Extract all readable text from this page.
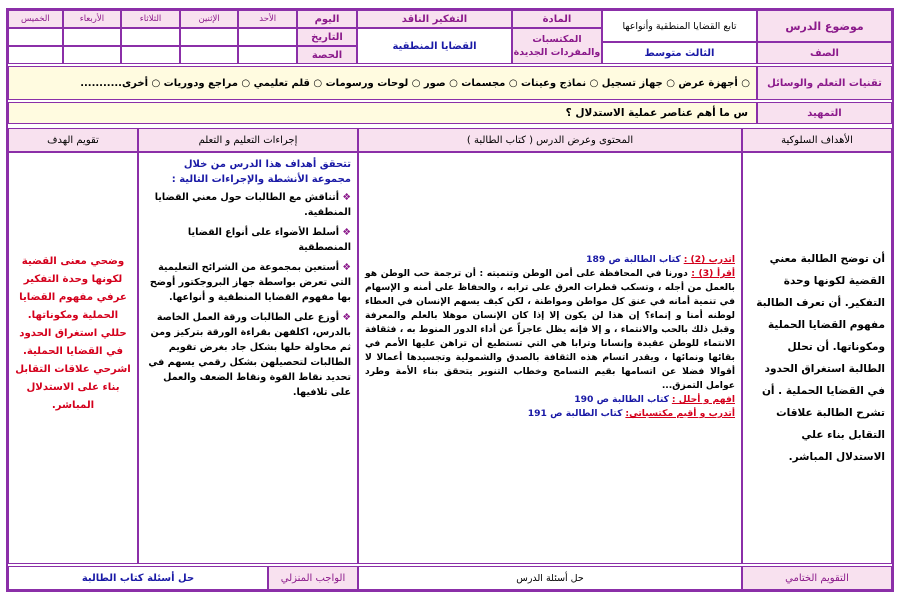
موضوع الدرس
الصف
تابع القضايا المنطقية وأنواعها
الثالث متوسط
المادة
المكتسبات والمفردات الجديدة
التفكير الناقد
القضايا المنطقية
اليوم
التاريخ
الحصة
الأحد
الإثنين
الثلاثاء
الأربعاء
الخميس
تقنيات التعلم والوسائل
○ أجهزة عرض ○ جهاز تسجيل ○ نماذج وعينات ○ مجسمات ○ صور ○ لوحات ورسومات ○ قلم تعليمي ○ مراجع ودوريات ○ أخرى...........
التمهيد
س ما أهم عناصر عملية الاستدلال ؟
الأهداف السلوكية
المحتوى وعرض الدرس ( كتاب الطالبة )
إجراءات التعليم و التعلم
تقويم الهدف
أن توضح الطالبة معني القضية لكونها وحدة التفكير. أن تعرف الطالبة مفهوم القضايا الحملية ومكوناتها. أن تحلل الطالبة استغراق الحدود في القضايا الحملية . أن تشرح الطالبة علاقات التقابل بناء علي الاستدلال المباشر.
اتدرب (2) : كتاب الطالبة ص 189
أقرأ (3) : دورنا في المحافظة على أمن الوطن وتنميته : أن ترجمة حب الوطن هو بالعمل من أجله ، وتسكب قطرات العرق على ترابه ، والحفاظ على أمنه و الإسهام في تنمية أمانه في عنق كل مواطن ومواطنة ، لكن كيف يسهم الإنسان في العطاء لوطنه أمنا و إنماء؟ إن هذا لن يكون إلا إذا كان الإنسان موهلا بالعلم والمعرفة وقبل ذلك بالحب والانتماء ، و إلا فإنه يظل عاجزاً عن أداء الدور المنوط به ، فثقافة الانتماء للوطن عقيدة وإنسانا وترابا هي التي تستطيع أن تراهن عليها الأمم في بقائها ونمائها ، ويقدر اتسام هذه الثقافة بالصدق والشمولية وتجسيدها أعمالا لا أقوالا فضلا عن اتسامها بقيم التسامح وخطاب التنوير يتحقق بناء الأمة وطرد عوامل التمزق...
افهم و أحلل : كتاب الطالبة ص 190
أتدرب و أقيم مكتسباتي: كتاب الطالبة ص 191
تتحقق أهداف هذا الدرس من خلال مجموعة الأنشطة والإجراءات التالية :
❖ أتناقش مع الطالبات حول معني القضايا المنطقية.
❖ أسلط الأضواء على أنواع القضايا المنصطقية
❖ أستعين بمجموعة من الشرائح التعليمية التي تعرض بواسطة جهاز البروجكتور أوضح بها مفهوم القضايا المنطقية و أنواعها.
❖ أوزع على الطالبات ورقة العمل الخاصة بالدرس، اكلفهن بقراءة الورقة بتركيز ومن ثم محاولة حلها بشكل جاد بغرض تقويم الطالبات لتحصيلهن بشكل رقمي يسهم في تحديد نقاط القوة ونقاط الضعف والعمل على تلافيها.
وضحي معنى القضية لكونها وحدة التفكير عرفي مفهوم القضايا الحملية ومكوناتها. حللي استغراق الحدود في القضايا الحملية. اشرحي علاقات التقابل بناء على الاستدلال المباشر.
التقويم الختامي
حل أسئلة الدرس
الواجب المنزلي
حل أسئلة كتاب الطالبة
